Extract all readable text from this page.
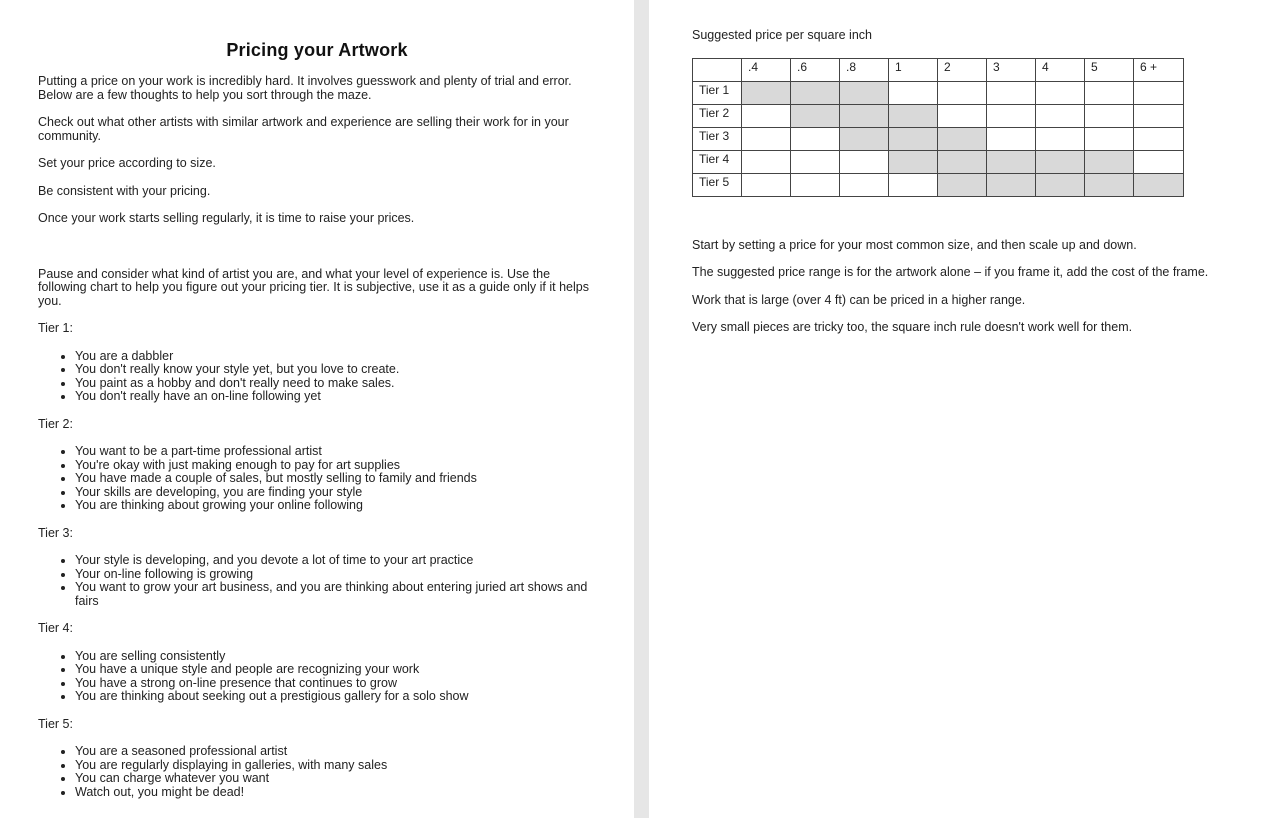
Pricing your Artwork

Putting a price on your work is incredibly hard. It involves guesswork and plenty of trial and error. Below are a few thoughts to help you sort through the maze.

Check out what other artists with similar artwork and experience are selling their work for in your community.

Set your price according to size.

Be consistent with your pricing.

Once your work starts selling regularly, it is time to raise your prices.

Pause and consider what kind of artist you are, and what your level of experience is. Use the following chart to help you figure out your pricing tier. It is subjective, use it as a guide only if it helps you.

Tier 1:

• You are a dabbler
• You don't really know your style yet, but you love to create.
• You paint as a hobby and don't really need to make sales.
• You don't really have an on-line following yet

Tier 2:

• You want to be a part-time professional artist
• You're okay with just making enough to pay for art supplies
• You have made a couple of sales, but mostly selling to family and friends
• Your skills are developing, you are finding your style
• You are thinking about growing your online following

Tier 3:

• Your style is developing, and you devote a lot of time to your art practice
• Your on-line following is growing
• You want to grow your art business, and you are thinking about entering juried art shows and fairs

Tier 4:

• You are selling consistently
• You have a unique style and people are recognizing your work
• You have a strong on-line presence that continues to grow
• You are thinking about seeking out a prestigious gallery for a solo show

Tier 5:

• You are a seasoned professional artist
• You are regularly displaying in galleries, with many sales
• You can charge whatever you want
• Watch out, you might be dead!

Suggested price per square inch

	.4	.6	.8	1	2	3	4	5	6 +
Tier 1									
Tier 2									
Tier 3									
Tier 4									
Tier 5									

Start by setting a price for your most common size, and then scale up and down.

The suggested price range is for the artwork alone – if you frame it, add the cost of the frame.

Work that is large (over 4 ft) can be priced in a higher range.

Very small pieces are tricky too, the square inch rule doesn't work well for them.
